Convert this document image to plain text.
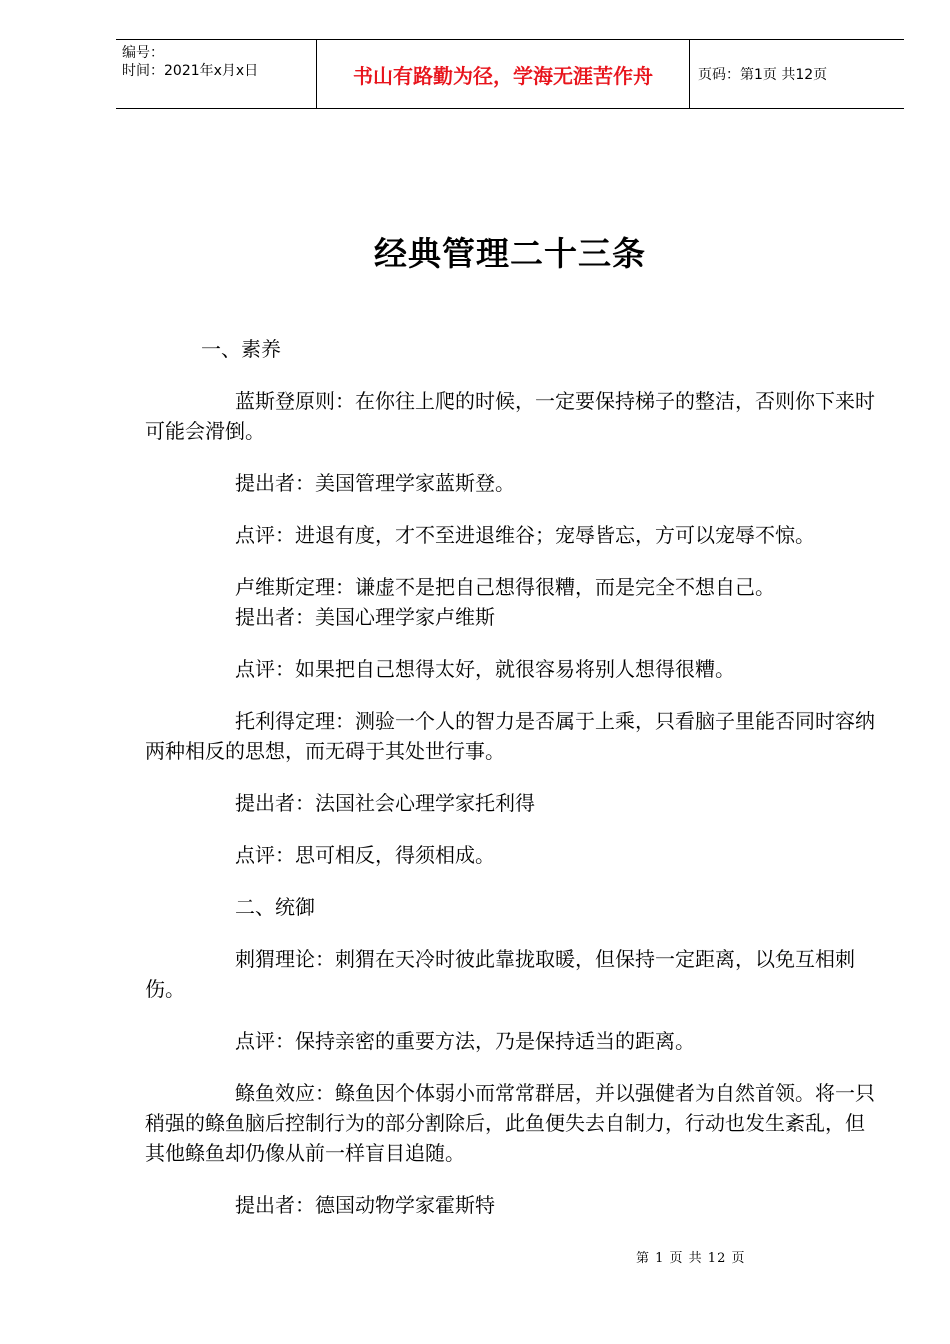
编号：
时间：2021年x月x日	书山有路勤为径，学海无涯苦作舟	页码：第1页 共12页
经典管理二十三条

一、素养

蓝斯登原则：在你往上爬的时候，一定要保持梯子的整洁，否则你下来时可能会滑倒。

提出者：美国管理学家蓝斯登。

点评：进退有度，才不至进退维谷；宠辱皆忘，方可以宠辱不惊。

卢维斯定理：谦虚不是把自己想得很糟，而是完全不想自己。

提出者：美国心理学家卢维斯

点评：如果把自己想得太好，就很容易将别人想得很糟。

托利得定理：测验一个人的智力是否属于上乘，只看脑子里能否同时容纳两种相反的思想，而无碍于其处世行事。

提出者：法国社会心理学家托利得

点评：思可相反，得须相成。

二、统御

刺猬理论：刺猬在天冷时彼此靠拢取暖，但保持一定距离，以免互相刺伤。

点评：保持亲密的重要方法，乃是保持适当的距离。

鲦鱼效应：鲦鱼因个体弱小而常常群居，并以强健者为自然首领。将一只稍强的鲦鱼脑后控制行为的部分割除后，此鱼便失去自制力，行动也发生紊乱，但其他鲦鱼却仍像从前一样盲目追随。

提出者：德国动物学家霍斯特

第 1 页 共 12 页
